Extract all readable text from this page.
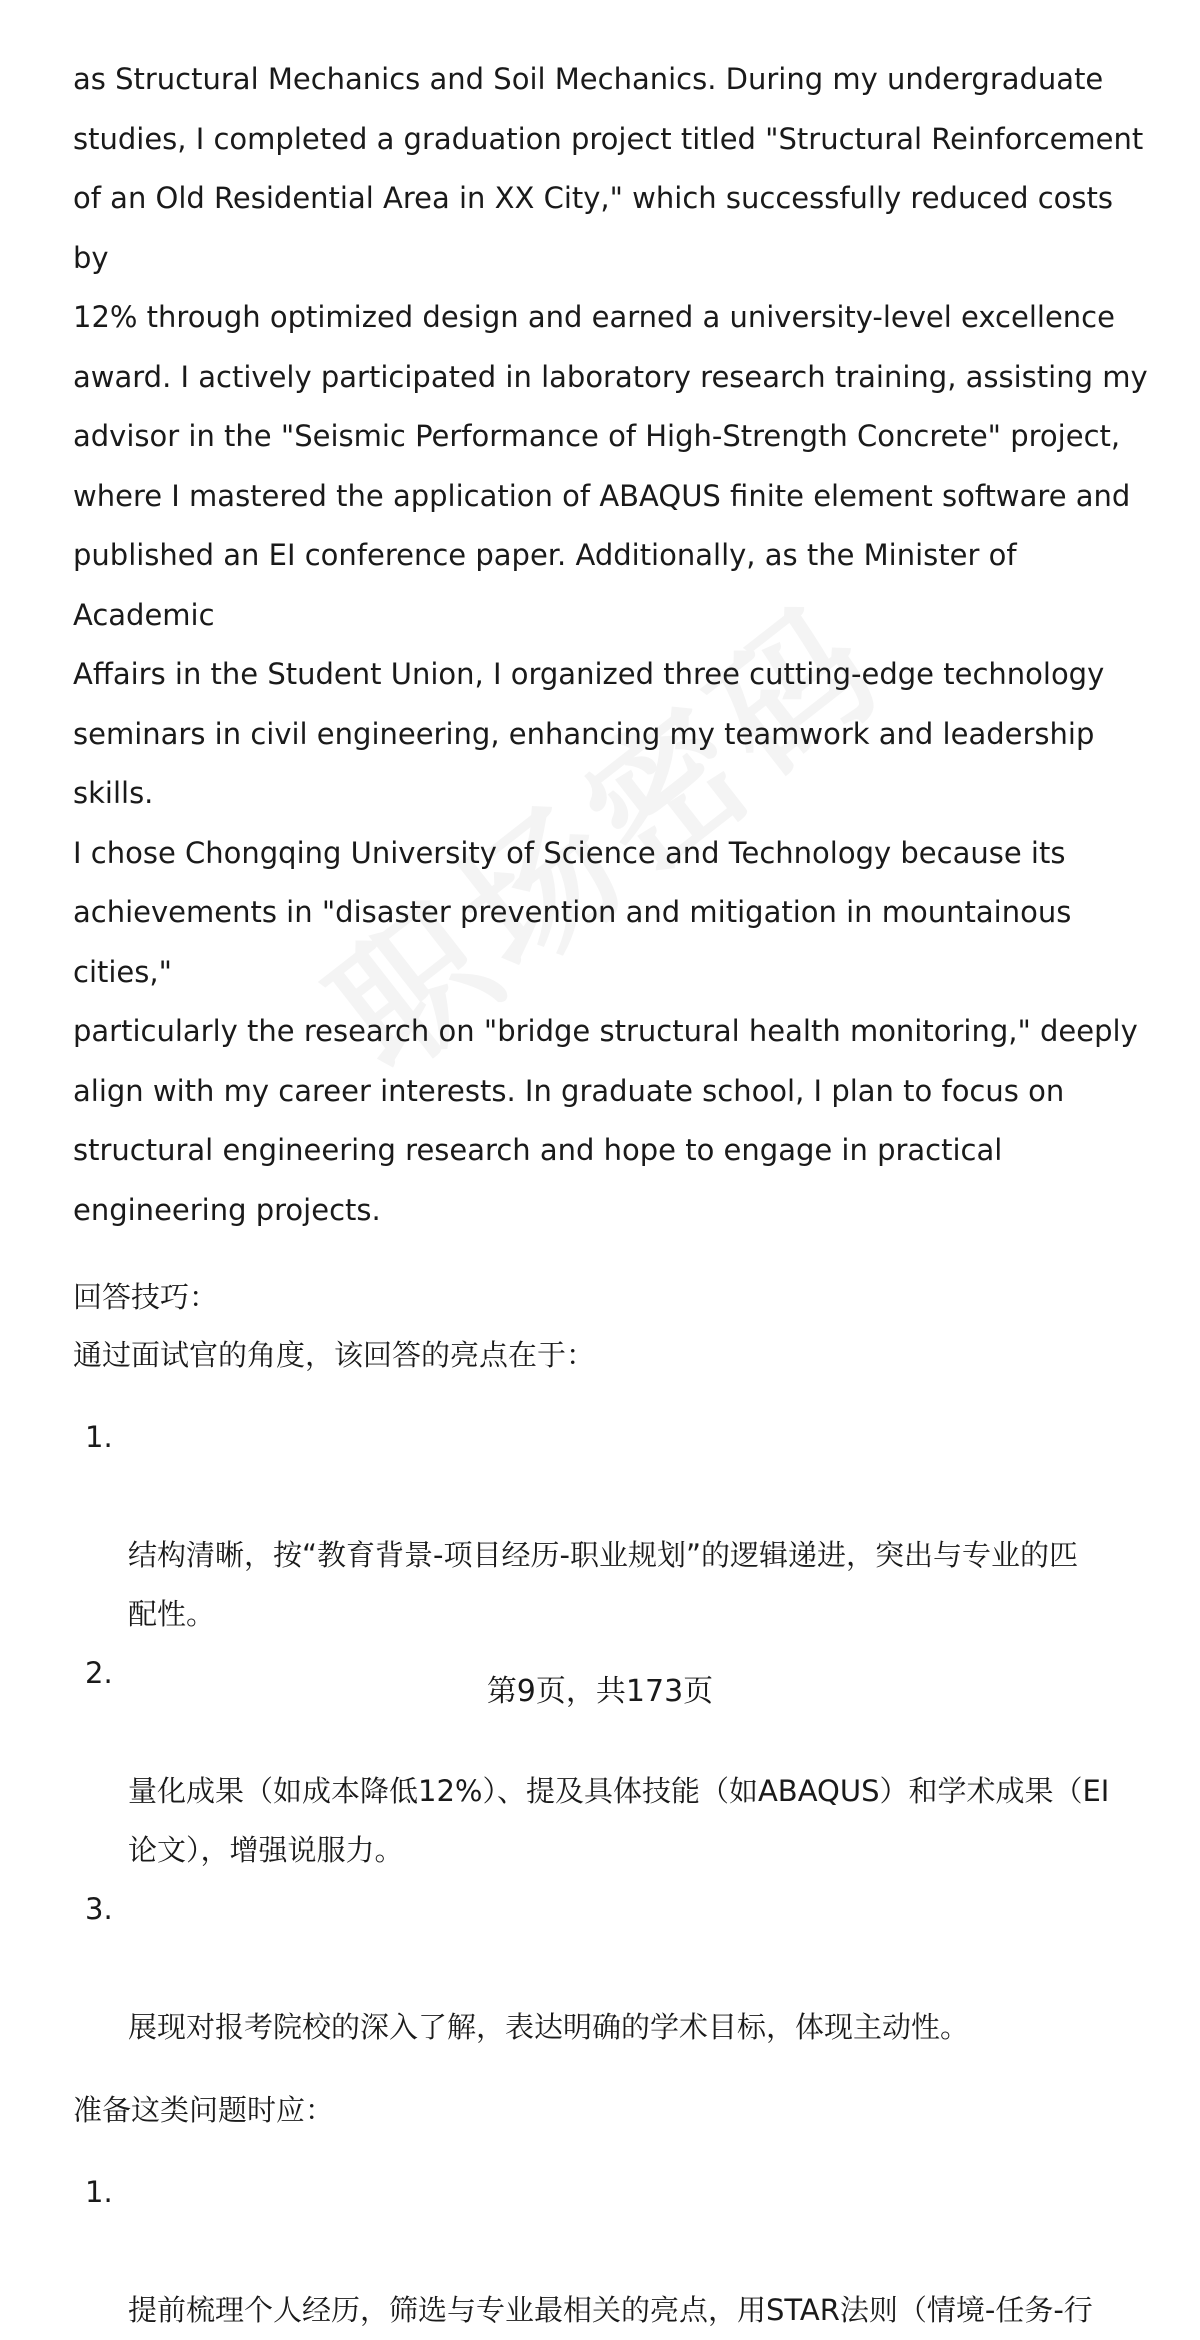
as Structural Mechanics and Soil Mechanics. During my undergraduate
studies, I completed a graduation project titled "Structural Reinforcement
of an Old Residential Area in XX City," which successfully reduced costs by
12% through optimized design and earned a university-level excellence
award. I actively participated in laboratory research training, assisting my
advisor in the "Seismic Performance of High-Strength Concrete" project,
where I mastered the application of ABAQUS finite element software and
published an EI conference paper. Additionally, as the Minister of Academic
Affairs in the Student Union, I organized three cutting-edge technology
seminars in civil engineering, enhancing my teamwork and leadership skills.
I chose Chongqing University of Science and Technology because its
achievements in "disaster prevention and mitigation in mountainous cities,"
particularly the research on "bridge structural health monitoring," deeply
align with my career interests. In graduate school, I plan to focus on
structural engineering research and hope to engage in practical
engineering projects.

回答技巧：

通过面试官的角度，该回答的亮点在于：

1.

结构清晰，按“教育背景-项目经历-职业规划”的逻辑递进，突出与专业的匹
配性。

2.

量化成果（如成本降低12%）、提及具体技能（如ABAQUS）和学术成果（EI
论文），增强说服力。

3.

展现对报考院校的深入了解，表达明确的学术目标，体现主动性。

准备这类问题时应：

1.

提前梳理个人经历，筛选与专业最相关的亮点，用STAR法则（情境-任务-行

第9页，共173页
